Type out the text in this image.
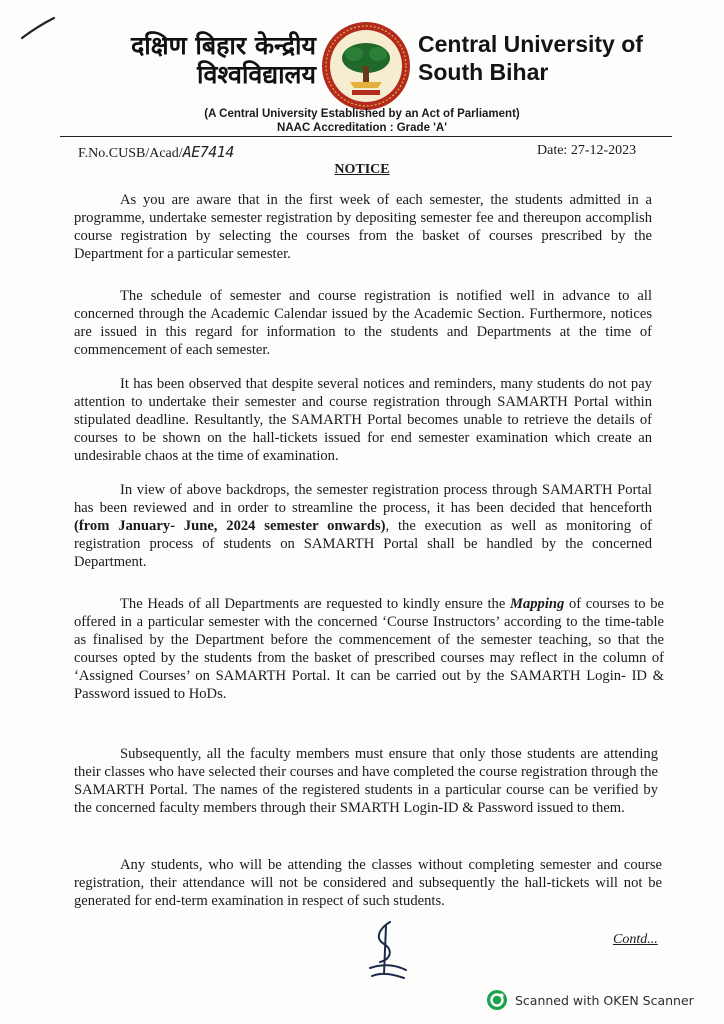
दक्षिण बिहार केन्द्रीय
विश्वविद्यालय
Central University of
South Bihar
(A Central University Established by an Act of Parliament)
NAAC Accreditation : Grade 'A'
F.No.CUSB/Acad/AE7414	Date: 27-12-2023
NOTICE
As you are aware that in the first week of each semester, the students admitted in a programme, undertake semester registration by depositing semester fee and thereupon accomplish course registration by selecting the courses from the basket of courses prescribed by the Department for a particular semester.
The schedule of semester and course registration is notified well in advance to all concerned through the Academic Calendar issued by the Academic Section. Furthermore, notices are issued in this regard for information to the students and Departments at the time of commencement of each semester.
It has been observed that despite several notices and reminders, many students do not pay attention to undertake their semester and course registration through SAMARTH Portal within stipulated deadline. Resultantly, the SAMARTH Portal becomes unable to retrieve the details of courses to be shown on the hall-tickets issued for end semester examination which create an undesirable chaos at the time of examination.
In view of above backdrops, the semester registration process through SAMARTH Portal has been reviewed and in order to streamline the process, it has been decided that henceforth (from January- June, 2024 semester onwards), the execution as well as monitoring of registration process of students on SAMARTH Portal shall be handled by the concerned Department.
The Heads of all Departments are requested to kindly ensure the Mapping of courses to be offered in a particular semester with the concerned ‘Course Instructors’ according to the time-table as finalised by the Department before the commencement of the semester teaching, so that the courses opted by the students from the basket of prescribed courses may reflect in the column of ‘Assigned Courses’ on SAMARTH Portal. It can be carried out by the SAMARTH Login- ID & Password issued to HoDs.
Subsequently, all the faculty members must ensure that only those students are attending their classes who have selected their courses and have completed the course registration through the SAMARTH Portal. The names of the registered students in a particular course can be verified by the concerned faculty members through their SMARTH Login-ID & Password issued to them.
Any students, who will be attending the classes without completing semester and course registration, their attendance will not be considered and subsequently the hall-tickets will not be generated for end-term examination in respect of such students.
Contd...
Scanned with OKEN Scanner
